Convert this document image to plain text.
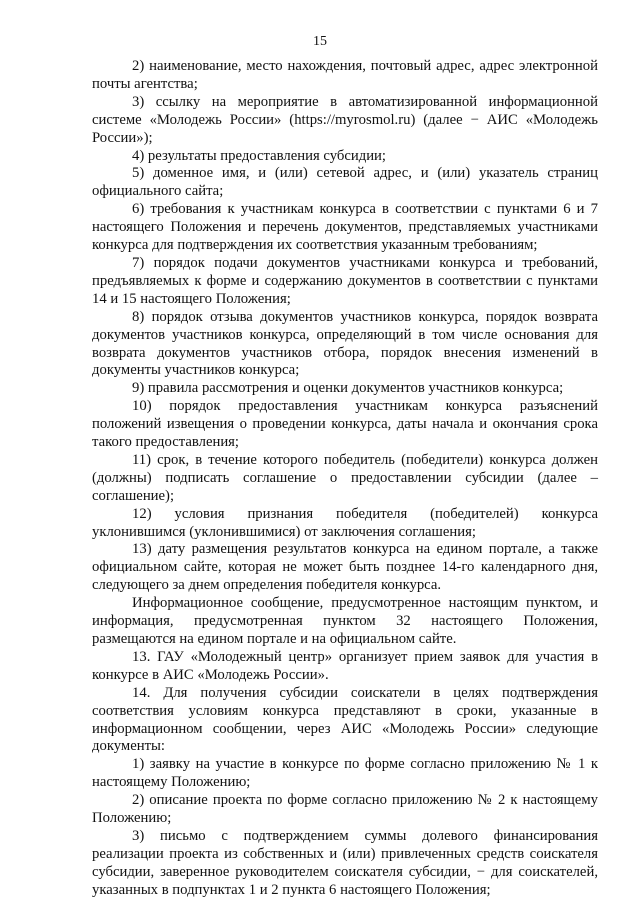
15

2) наименование, место нахождения, почтовый адрес, адрес электронной почты агентства;

3) ссылку на мероприятие в автоматизированной информационной системе «Молодежь России» (https://myrosmol.ru) (далее − АИС «Молодежь России»);

4) результаты предоставления субсидии;

5) доменное имя, и (или) сетевой адрес, и (или) указатель страниц официального сайта;

6) требования к участникам конкурса в соответствии с пунктами 6 и 7 настоящего Положения и перечень документов, представляемых участниками конкурса для подтверждения их соответствия указанным требованиям;

7) порядок подачи документов участниками конкурса и требований, предъявляемых к форме и содержанию документов в соответствии с пунктами 14 и 15 настоящего Положения;

8) порядок отзыва документов участников конкурса, порядок возврата документов участников конкурса, определяющий в том числе основания для возврата документов участников отбора, порядок внесения изменений в документы участников конкурса;

9) правила рассмотрения и оценки документов участников конкурса;

10) порядок предоставления участникам конкурса разъяснений положений извещения о проведении конкурса, даты начала и окончания срока такого предоставления;

11) срок, в течение которого победитель (победители) конкурса должен (должны) подписать соглашение о предоставлении субсидии (далее – соглашение);

12) условия признания победителя (победителей) конкурса уклонившимся (уклонившимися) от заключения соглашения;

13) дату размещения результатов конкурса на едином портале, а также официальном сайте, которая не может быть позднее 14-го календарного дня, следующего за днем определения победителя конкурса.

Информационное сообщение, предусмотренное настоящим пунктом, и информация, предусмотренная пунктом 32 настоящего Положения, размещаются на едином портале и на официальном сайте.

13. ГАУ «Молодежный центр» организует прием заявок для участия в конкурсе в АИС «Молодежь России».

14. Для получения субсидии соискатели в целях подтверждения соответствия условиям конкурса представляют в сроки, указанные в информационном сообщении, через АИС «Молодежь России» следующие документы:

1) заявку на участие в конкурсе по форме согласно приложению № 1 к настоящему Положению;

2) описание проекта по форме согласно приложению № 2 к настоящему Положению;

3) письмо с подтверждением суммы долевого финансирования реализации проекта из собственных и (или) привлеченных средств соискателя субсидии, заверенное руководителем соискателя субсидии, − для соискателей, указанных в подпунктах 1 и 2 пункта 6 настоящего Положения;
